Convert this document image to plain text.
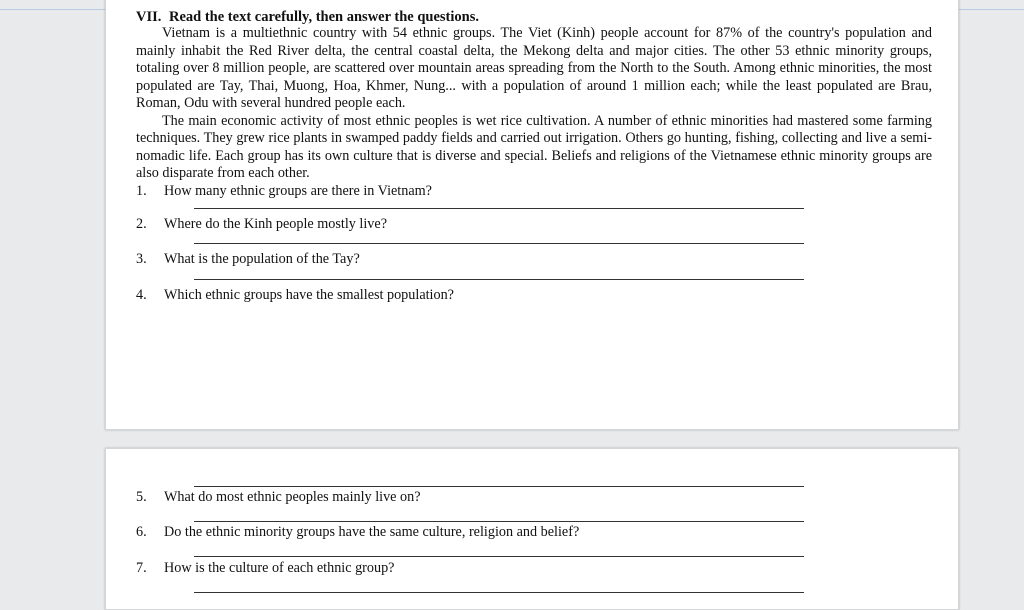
VII. Read the text carefully, then answer the questions.

Vietnam is a multiethnic country with 54 ethnic groups. The Viet (Kinh) people account for 87% of the country's population and mainly inhabit the Red River delta, the central coastal delta, the Mekong delta and major cities. The other 53 ethnic minority groups, totaling over 8 million people, are scattered over mountain areas spreading from the North to the South. Among ethnic minorities, the most populated are Tay, Thai, Muong, Hoa, Khmer, Nung... with a population of around 1 million each; while the least populated are Brau, Roman, Odu with several hundred people each.

The main economic activity of most ethnic peoples is wet rice cultivation. A number of ethnic minorities had mastered some farming techniques. They grew rice plants in swamped paddy fields and carried out irrigation. Others go hunting, fishing, collecting and live a semi-nomadic life. Each group has its own culture that is diverse and special. Beliefs and religions of the Vietnamese ethnic minority groups are also disparate from each other.

1. How many ethnic groups are there in Vietnam?
2. Where do the Kinh people mostly live?
3. What is the population of the Tay?
4. Which ethnic groups have the smallest population?
5. What do most ethnic peoples mainly live on?
6. Do the ethnic minority groups have the same culture, religion and belief?
7. How is the culture of each ethnic group?
